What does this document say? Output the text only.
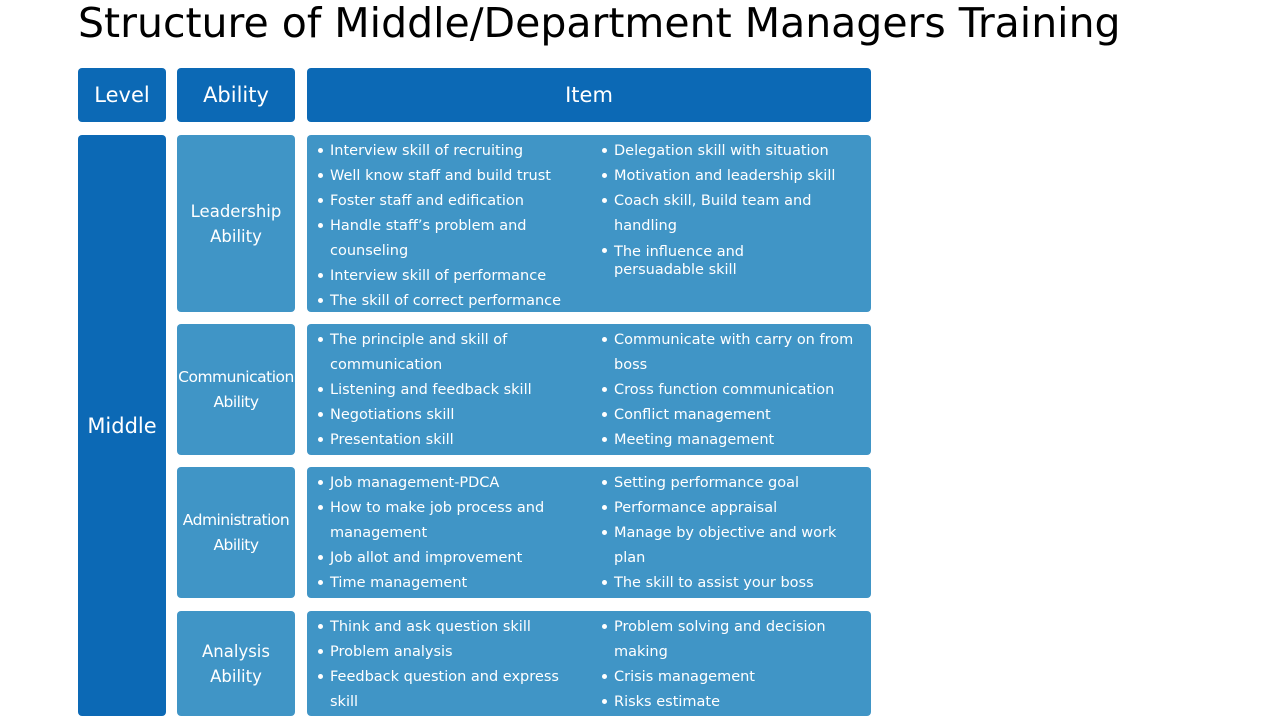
Structure of Middle/Department Managers Training
Level	Ability	Item
Middle
Leadership Ability
Interview skill of recruiting
Well know staff and build trust
Foster staff and edification
Handle staff’s problem and counseling
Interview skill of performance
The skill of correct performance
Delegation skill with situation
Motivation and leadership skill
Coach skill, Build team and handling
The influence and persuadable skill
Communication Ability
The principle and skill of communication
Listening and feedback skill
Negotiations skill
Presentation skill
Communicate with carry on from boss
Cross function communication
Conflict management
Meeting management
Administration Ability
Job management-PDCA
How to make job process and management
Job allot and improvement
Time management
Setting performance goal
Performance appraisal
Manage by objective and work plan
The skill to assist your boss
Analysis Ability
Think and ask question skill
Problem analysis
Feedback question and express skill
Problem solving and decision making
Crisis management
Risks estimate
